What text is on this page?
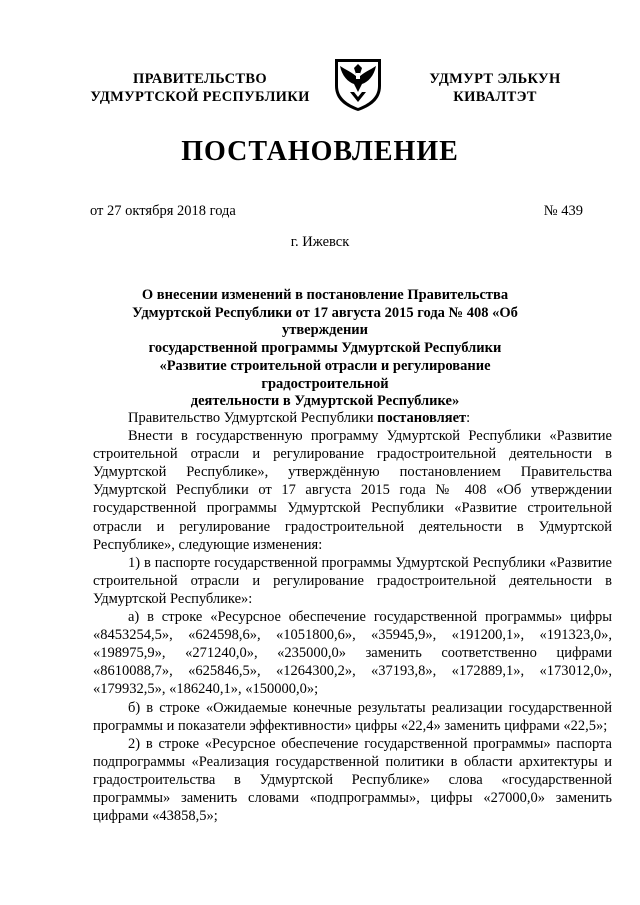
ПРАВИТЕЛЬСТВО
УДМУРТСКОЙ РЕСПУБЛИКИ
УДМУРТ ЭЛЬКУН
КИВАЛТЭТ
ПОСТАНОВЛЕНИЕ
от 27 октября 2018 года	№ 439
г. Ижевск
О внесении изменений в постановление Правительства
Удмуртской Республики от 17 августа 2015 года № 408 «Об утверждении
государственной программы Удмуртской Республики
«Развитие строительной отрасли и регулирование градостроительной
деятельности в Удмуртской Республике»

Правительство Удмуртской Республики постановляет:

Внести в государственную программу Удмуртской Республики «Развитие строительной отрасли и регулирование градостроительной деятельности в Удмуртской Республике», утверждённую постановлением Правительства Удмуртской Республики от 17 августа 2015 года № 408 «Об утверждении государственной программы Удмуртской Республики «Развитие строительной отрасли и регулирование градостроительной деятельности в Удмуртской Республике», следующие изменения:

1) в паспорте государственной программы Удмуртской Республики «Развитие строительной отрасли и регулирование градостроительной деятельности в Удмуртской Республике»:

а) в строке «Ресурсное обеспечение государственной программы» цифры «8453254,5», «624598,6», «1051800,6», «35945,9», «191200,1», «191323,0», «198975,9», «271240,0», «235000,0» заменить соответственно цифрами «8610088,7», «625846,5», «1264300,2», «37193,8», «172889,1», «173012,0», «179932,5», «186240,1», «150000,0»;

б) в строке «Ожидаемые конечные результаты реализации государственной программы и показатели эффективности» цифры «22,4» заменить цифрами «22,5»;

2) в строке «Ресурсное обеспечение государственной программы» паспорта подпрограммы «Реализация государственной политики в области архитектуры и градостроительства в Удмуртской Республике» слова «государственной программы» заменить словами «подпрограммы», цифры «27000,0» заменить цифрами «43858,5»;
